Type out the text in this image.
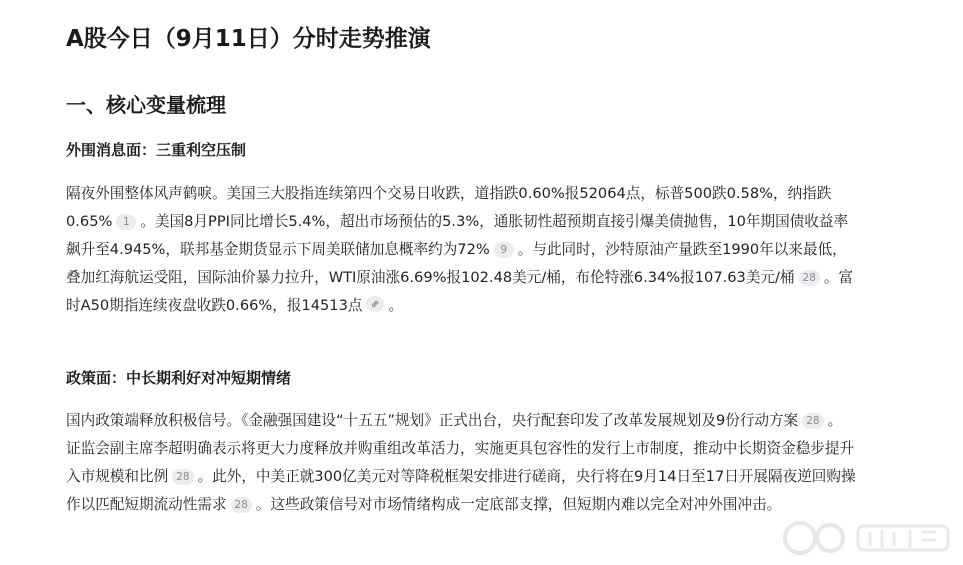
A股今日（9月11日）分时走势推演
一、核心变量梳理
外围消息面：三重利空压制

隔夜外围整体风声鹤唳。美国三大股指连续第四个交易日收跌，道指跌0.60%报52064点，标普500跌0.58%，纳指跌0.65% 1 。美国8月PPI同比增长5.4%，超出市场预估的5.3%，通胀韧性超预期直接引爆美债抛售，10年期国债收益率飙升至4.945%，联邦基金期货显示下周美联储加息概率约为72% 9 。与此同时，沙特原油产量跌至1990年以来最低，叠加红海航运受阻，国际油价暴力拉升，WTI原油涨6.69%报102.48美元/桶，布伦特涨6.34%报107.63美元/桶 28 。富时A50期指连续夜盘收跌0.66%，报14513点 。

政策面：中长期利好对冲短期情绪

国内政策端释放积极信号。《金融强国建设“十五五”规划》正式出台，央行配套印发了改革发展规划及9份行动方案 28 。证监会副主席李超明确表示将更大力度释放并购重组改革活力，实施更具包容性的发行上市制度，推动中长期资金稳步提升入市规模和比例 28 。此外，中美正就300亿美元对等降税框架安排进行磋商，央行将在9月14日至17日开展隔夜逆回购操作以匹配短期流动性需求 28 。这些政策信号对市场情绪构成一定底部支撑，但短期内难以完全对冲外围冲击。
